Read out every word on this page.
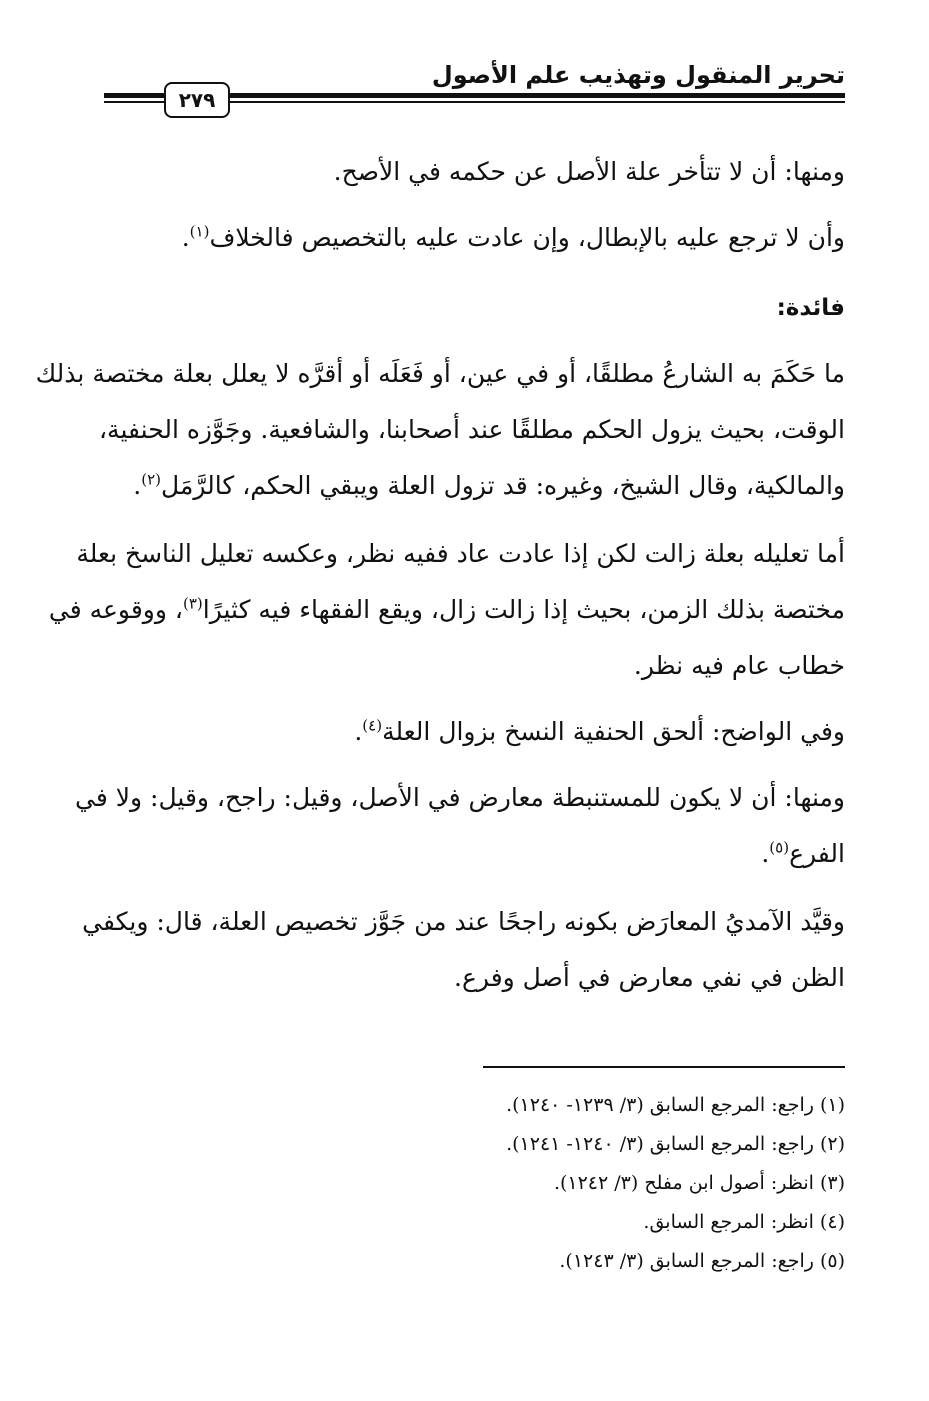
تحرير المنقول وتهذيب علم الأصول
٢٧٩
ومنها: أن لا تتأخر علة الأصل عن حكمه في الأصح.
وأن لا ترجع عليه بالإبطال، وإن عادت عليه بالتخصيص فالخلاف$^{(١)}$.
فائدة:
ما حَكَمَ به الشارعُ مطلقًا، أو في عين، أو فَعَلَه أو أقرَّه لا يعلل بعلة مختصة بذلك
الوقت، بحيث يزول الحكم مطلقًا عند أصحابنا، والشافعية. وجَوَّزه الحنفية،
والمالكية، وقال الشيخ، وغيره: قد تزول العلة ويبقي الحكم، كالرَّمَل$^{(٢)}$.
أما تعليله بعلة زالت لكن إذا عادت عاد ففيه نظر، وعكسه تعليل الناسخ بعلة
مختصة بذلك الزمن، بحيث إذا زالت زال، ويقع الفقهاء فيه كثيرًا$^{(٣)}$، ووقوعه في
خطاب عام فيه نظر.
وفي الواضح: ألحق الحنفية النسخ بزوال العلة$^{(٤)}$.
ومنها: أن لا يكون للمستنبطة معارض في الأصل، وقيل: راجح، وقيل: ولا في
الفرع$^{(٥)}$.
وقيَّد الآمديُ المعارَض بكونه راجحًا عند من جَوَّز تخصيص العلة، قال: ويكفي
الظن في نفي معارض في أصل وفرع.
(١) راجع: المرجع السابق (٣/ ١٢٣٩- ١٢٤٠).
(٢) راجع: المرجع السابق (٣/ ١٢٤٠- ١٢٤١).
(٣) انظر: أصول ابن مفلح (٣/ ١٢٤٢).
(٤) انظر: المرجع السابق.
(٥) راجع: المرجع السابق (٣/ ١٢٤٣).
